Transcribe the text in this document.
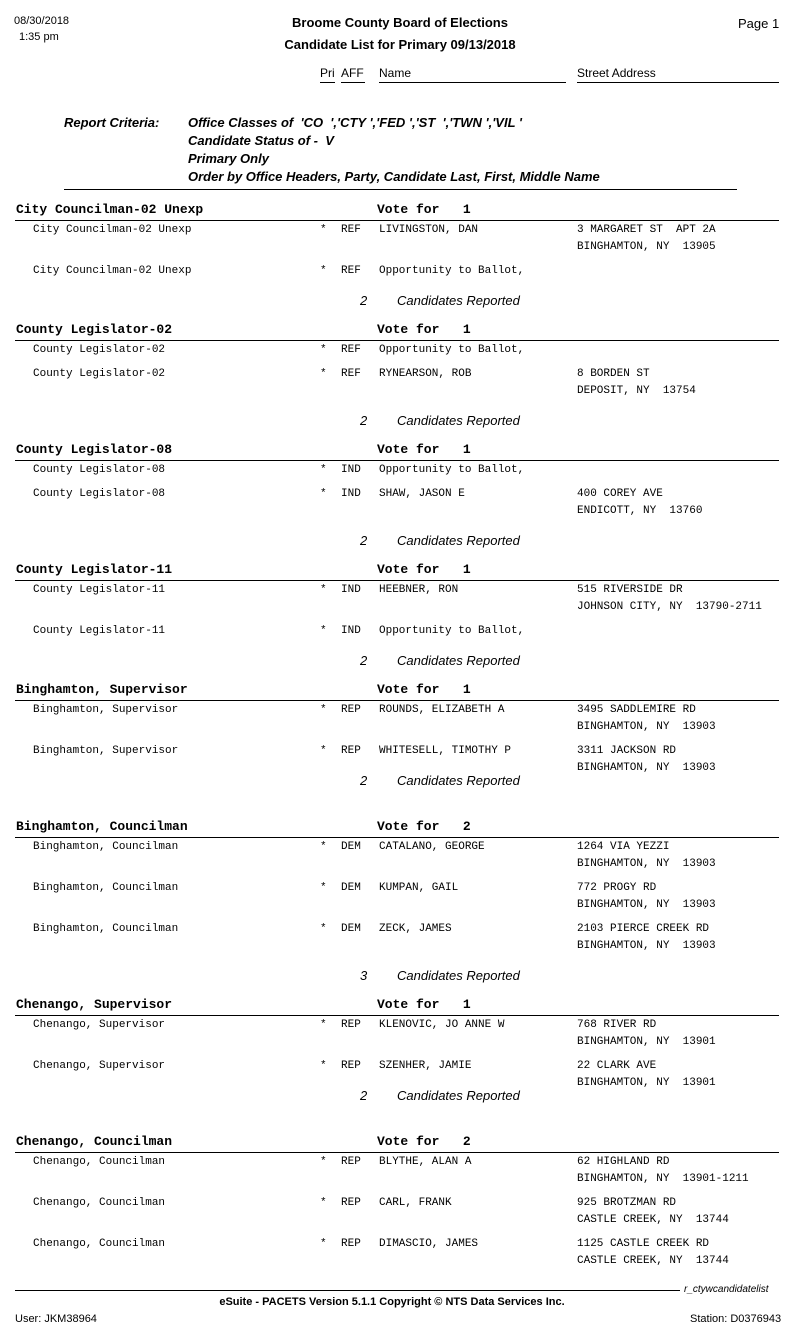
08/30/2018
1:35 pm
Broome County Board of Elections
Candidate List for Primary 09/13/2018
Page 1
Pri AFF Name	Street Address
Report Criteria: Office Classes of  'CO  ','CTY ','FED ','ST  ','TWN ','VIL '
Candidate Status of -  V
Primary Only
Order by Office Headers, Party, Candidate Last, First, Middle Name
City Councilman-02 Unexp	Vote for   1
City Councilman-02 Unexp	* REF LIVINGSTON, DAN	3 MARGARET ST  APT 2A
BINGHAMTON, NY  13905
City Councilman-02 Unexp	* REF Opportunity to Ballot,
2 Candidates Reported
County Legislator-02	Vote for   1
County Legislator-02	* REF Opportunity to Ballot,
County Legislator-02	* REF RYNEARSON, ROB	8 BORDEN ST
DEPOSIT, NY  13754
2 Candidates Reported
County Legislator-08	Vote for   1
County Legislator-08	* IND Opportunity to Ballot,
County Legislator-08	* IND SHAW, JASON E	400 COREY AVE
ENDICOTT, NY  13760
2 Candidates Reported
County Legislator-11	Vote for   1
County Legislator-11	* IND HEEBNER, RON	515 RIVERSIDE DR
JOHNSON CITY, NY  13790-2711
County Legislator-11	* IND Opportunity to Ballot,
2 Candidates Reported
Binghamton, Supervisor	Vote for   1
Binghamton, Supervisor	* REP ROUNDS, ELIZABETH A	3495 SADDLEMIRE RD
BINGHAMTON, NY  13903
Binghamton, Supervisor	* REP WHITESELL, TIMOTHY P	3311 JACKSON RD
BINGHAMTON, NY  13903
2 Candidates Reported
Binghamton, Councilman	Vote for   2
Binghamton, Councilman	* DEM CATALANO, GEORGE	1264 VIA YEZZI
BINGHAMTON, NY  13903
Binghamton, Councilman	* DEM KUMPAN, GAIL	772 PROGY RD
BINGHAMTON, NY  13903
Binghamton, Councilman	* DEM ZECK, JAMES	2103 PIERCE CREEK RD
BINGHAMTON, NY  13903
3 Candidates Reported
Chenango, Supervisor	Vote for   1
Chenango, Supervisor	* REP KLENOVIC, JO ANNE W	768 RIVER RD
BINGHAMTON, NY  13901
Chenango, Supervisor	* REP SZENHER, JAMIE	22 CLARK AVE
BINGHAMTON, NY  13901
2 Candidates Reported
Chenango, Councilman	Vote for   2
Chenango, Councilman	* REP BLYTHE, ALAN A	62 HIGHLAND RD
BINGHAMTON, NY  13901-1211
Chenango, Councilman	* REP CARL, FRANK	925 BROTZMAN RD
CASTLE CREEK, NY  13744
Chenango, Councilman	* REP DIMASCIO, JAMES	1125 CASTLE CREEK RD
CASTLE CREEK, NY  13744
r_ctywcandidatelist
eSuite - PACETS Version 5.1.1 Copyright © NTS Data Services Inc.
User: JKM38964	Station: D0376943
